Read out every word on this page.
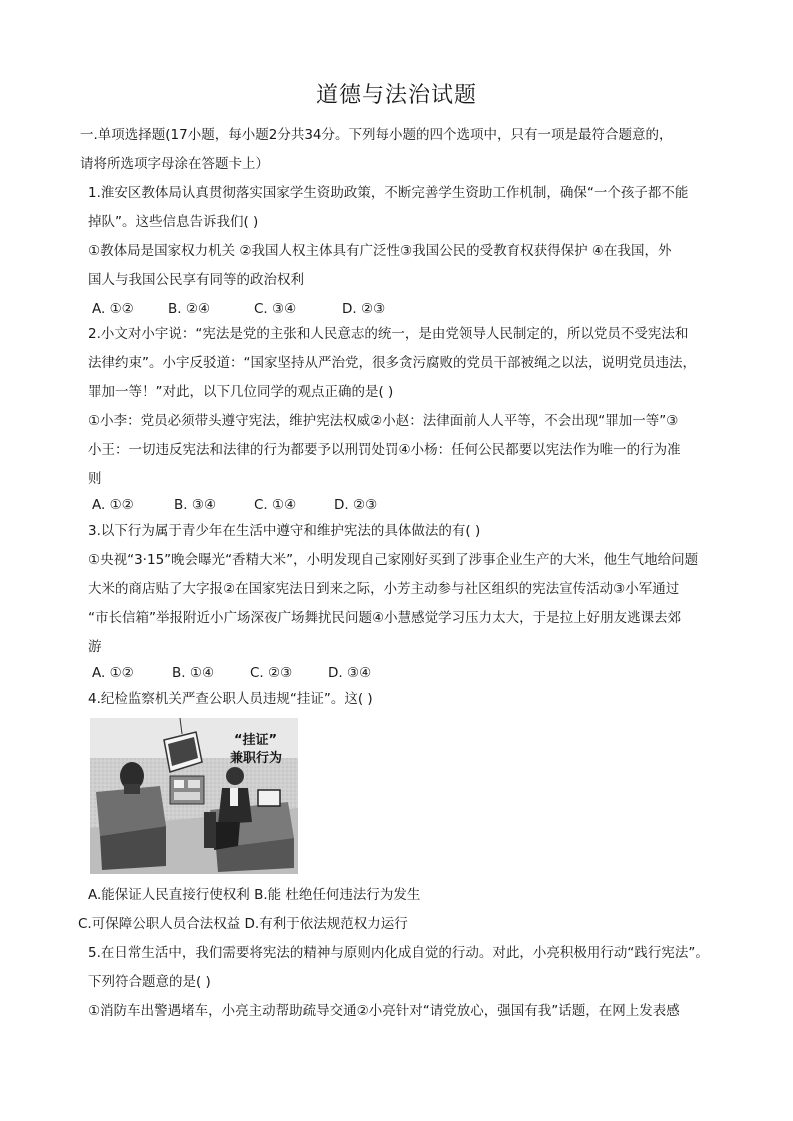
道德与法治试题
一.单项选择题(17小题，每小题2分共34分。下列每小题的四个选项中，只有一项是最符合题意的，
请将所选项字母涂在答题卡上）
1.淮安区教体局认真贯彻落实国家学生资助政策，不断完善学生资助工作机制，确保“一个孩子都不能
掉队”。这些信息告诉我们( )
①教体局是国家权力机关 ②我国人权主体具有广泛性③我国公民的受教育权获得保护 ④在我国，外
国人与我国公民享有同等的政治权利
A. ①②	B. ②④	C. ③④	D. ②③
2.小文对小宇说：“宪法是党的主张和人民意志的统一，是由党领导人民制定的，所以党员不受宪法和
法律约束”。小宇反驳道：“国家坚持从严治党，很多贪污腐败的党员干部被绳之以法，说明党员违法，
罪加一等！”对此，以下几位同学的观点正确的是( )
①小李：党员必须带头遵守宪法，维护宪法权威②小赵：法律面前人人平等，不会出现“罪加一等”③
小王：一切违反宪法和法律的行为都要予以刑罚处罚④小杨：任何公民都要以宪法作为唯一的行为准
则
A. ①②	B. ③④	C. ①④	D. ②③
3.以下行为属于青少年在生活中遵守和维护宪法的具体做法的有( )
①央视“3·15”晚会曝光“香精大米”，小明发现自己家刚好买到了涉事企业生产的大米，他生气地给问题
大米的商店贴了大字报②在国家宪法日到来之际，小芳主动参与社区组织的宪法宣传活动③小军通过
“市长信箱”举报附近小广场深夜广场舞扰民问题④小慧感觉学习压力太大，于是拉上好朋友逃课去郊
游
A. ①②	B. ①④	C. ②③	D. ③④
4.纪检监察机关严查公职人员违规“挂证”。这( )
“挂证”
兼职行为
A.能保证人民直接行使权利 B.能 杜绝任何违法行为发生
C.可保障公职人员合法权益 D.有利于依法规范权力运行
5.在日常生活中，我们需要将宪法的精神与原则内化成自觉的行动。对此，小亮积极用行动“践行宪法”。
下列符合题意的是( )
①消防车出警遇堵车，小亮主动帮助疏导交通②小亮针对“请党放心，强国有我”话题，在网上发表感
